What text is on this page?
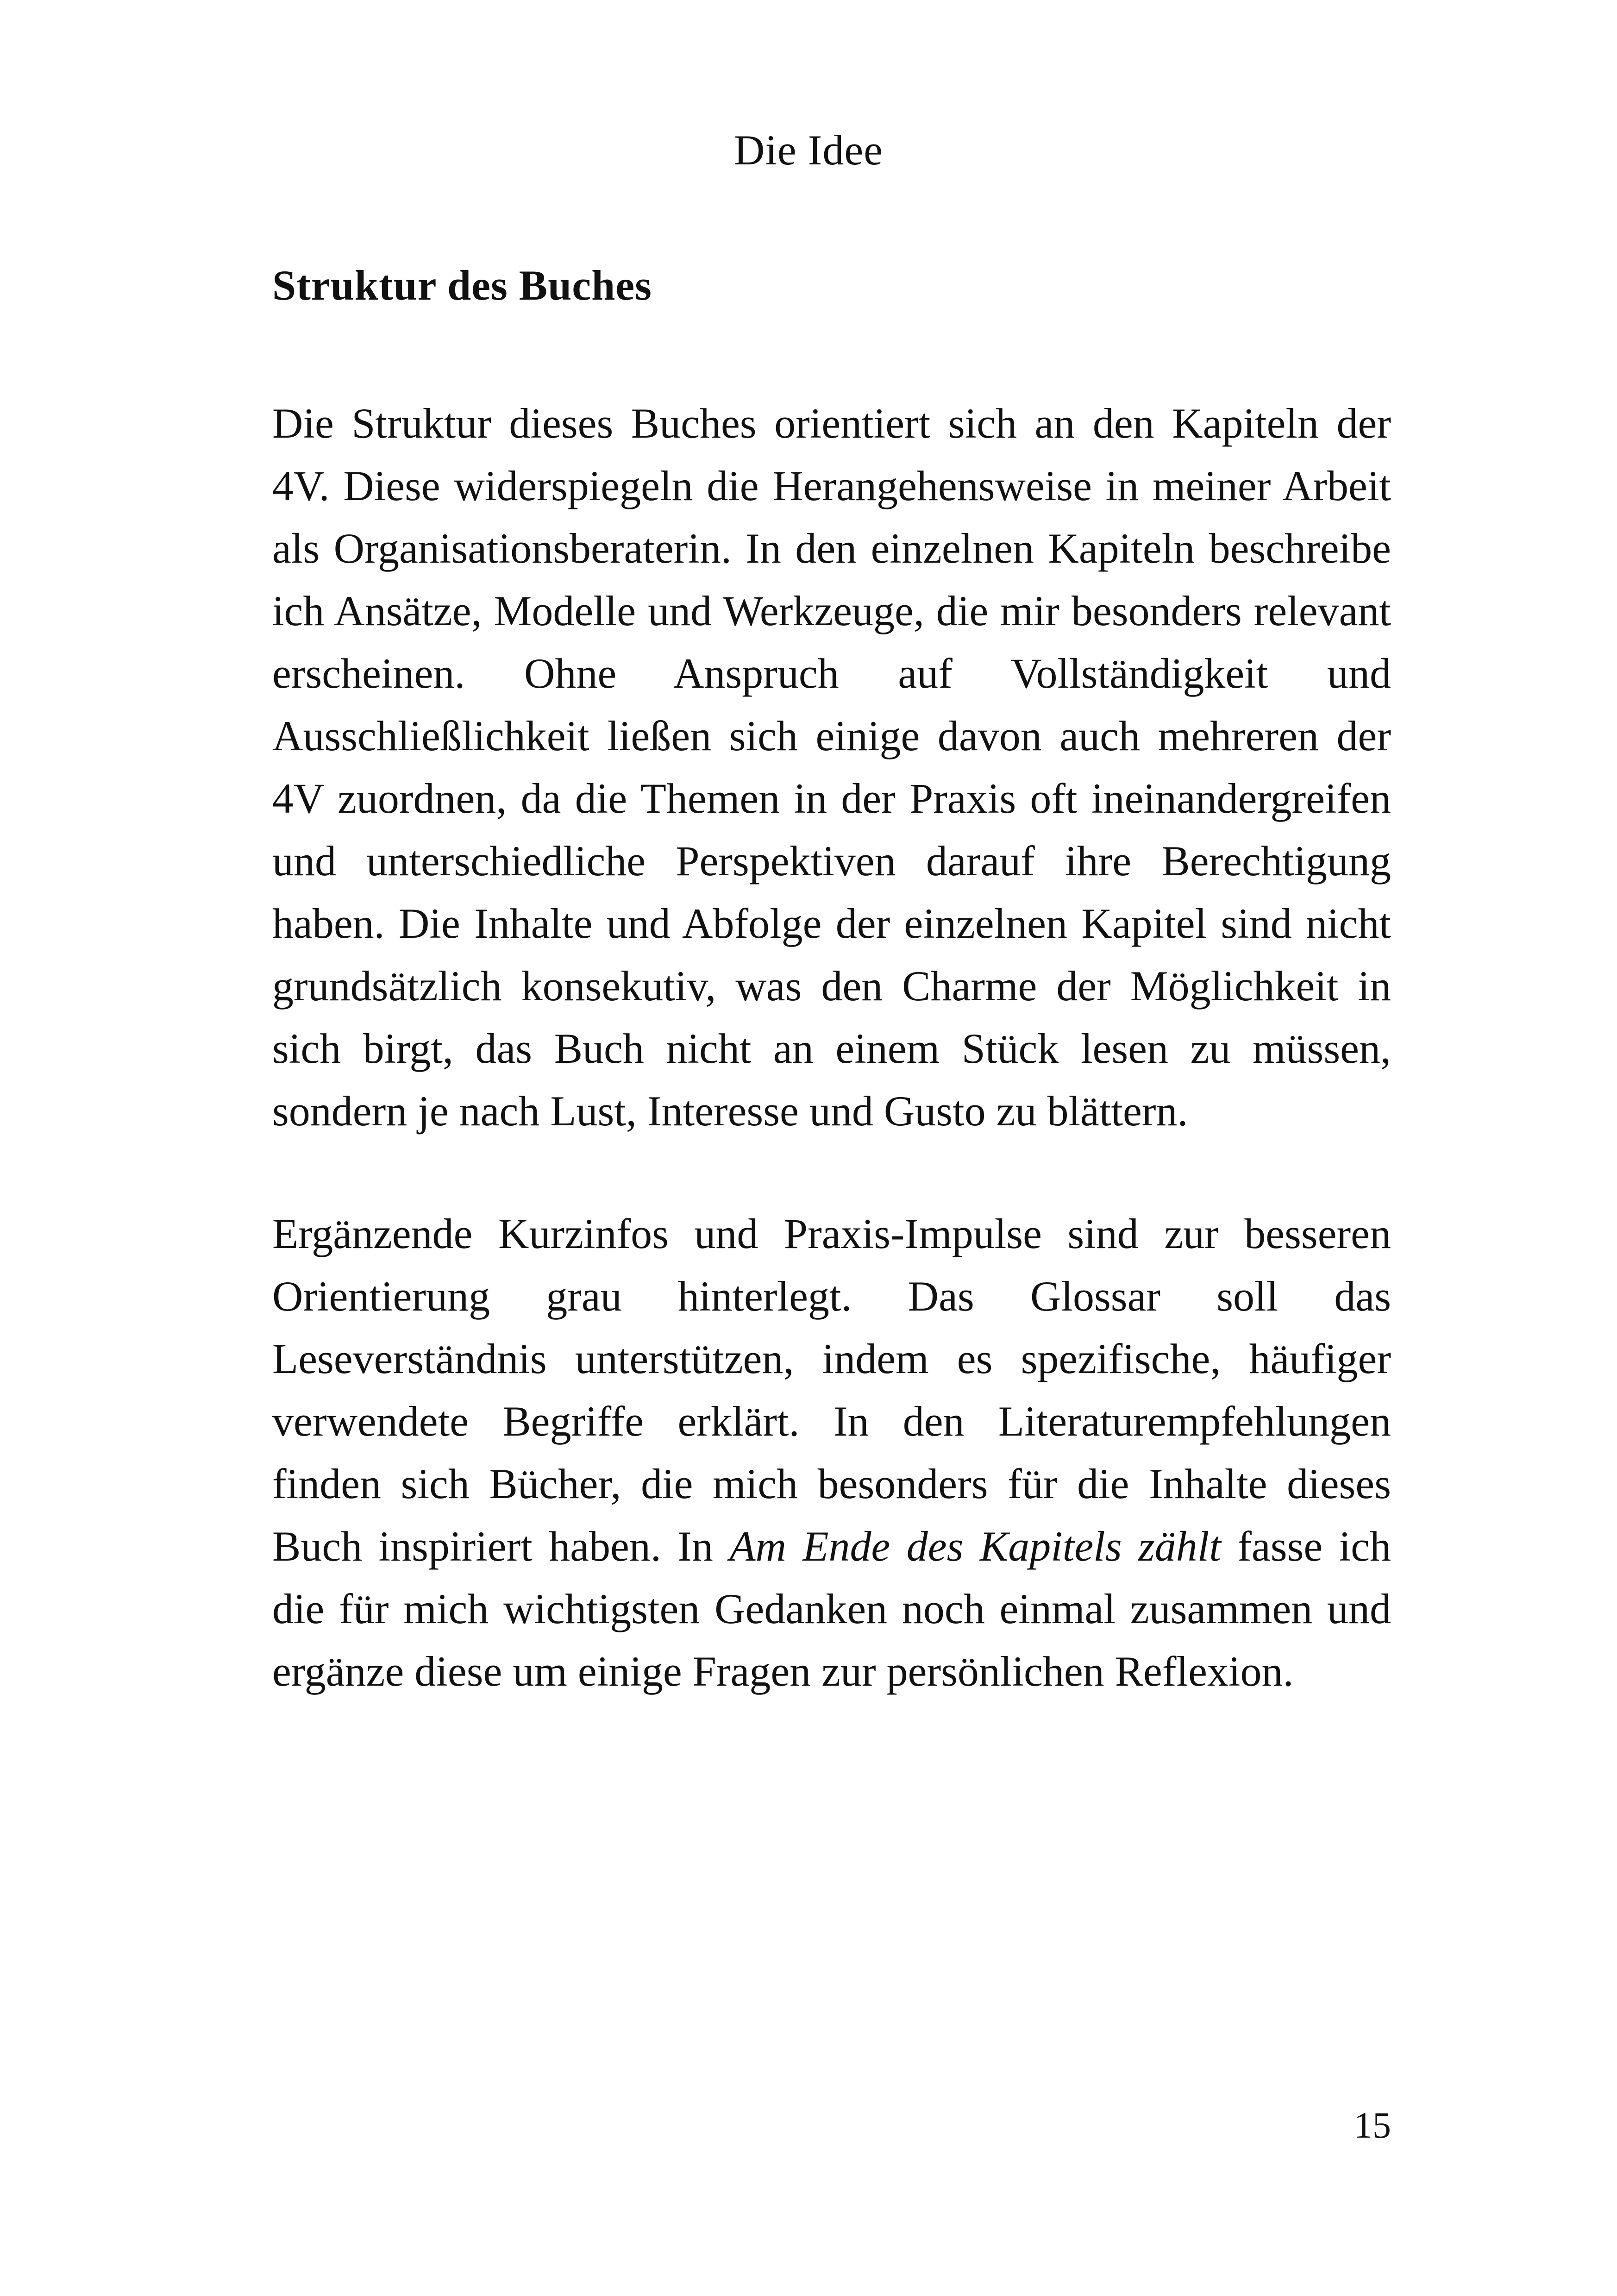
Die Idee
Struktur des Buches

Die Struktur dieses Buches orientiert sich an den Kapiteln der 4V. Diese widerspiegeln die Herangehensweise in meiner Arbeit als Organisationsberaterin. In den einzelnen Kapiteln beschreibe ich Ansätze, Modelle und Werkzeuge, die mir besonders relevant erscheinen. Ohne Anspruch auf Vollständigkeit und Ausschließlichkeit ließen sich einige davon auch mehreren der 4V zuordnen, da die Themen in der Praxis oft ineinandergreifen und unterschiedliche Perspektiven darauf ihre Berechtigung haben. Die Inhalte und Abfolge der einzelnen Kapitel sind nicht grundsätzlich konsekutiv, was den Charme der Möglichkeit in sich birgt, das Buch nicht an einem Stück lesen zu müssen, sondern je nach Lust, Interesse und Gusto zu blättern.

Ergänzende Kurzinfos und Praxis-Impulse sind zur besseren Orientierung grau hinterlegt. Das Glossar soll das Leseverständnis unterstützen, indem es spezifische, häufiger verwendete Begriffe erklärt. In den Literaturempfehlungen finden sich Bücher, die mich besonders für die Inhalte dieses Buch inspiriert haben. In Am Ende des Kapitels zählt fasse ich die für mich wichtigsten Gedanken noch einmal zusammen und ergänze diese um einige Fragen zur persönlichen Reflexion.

15
